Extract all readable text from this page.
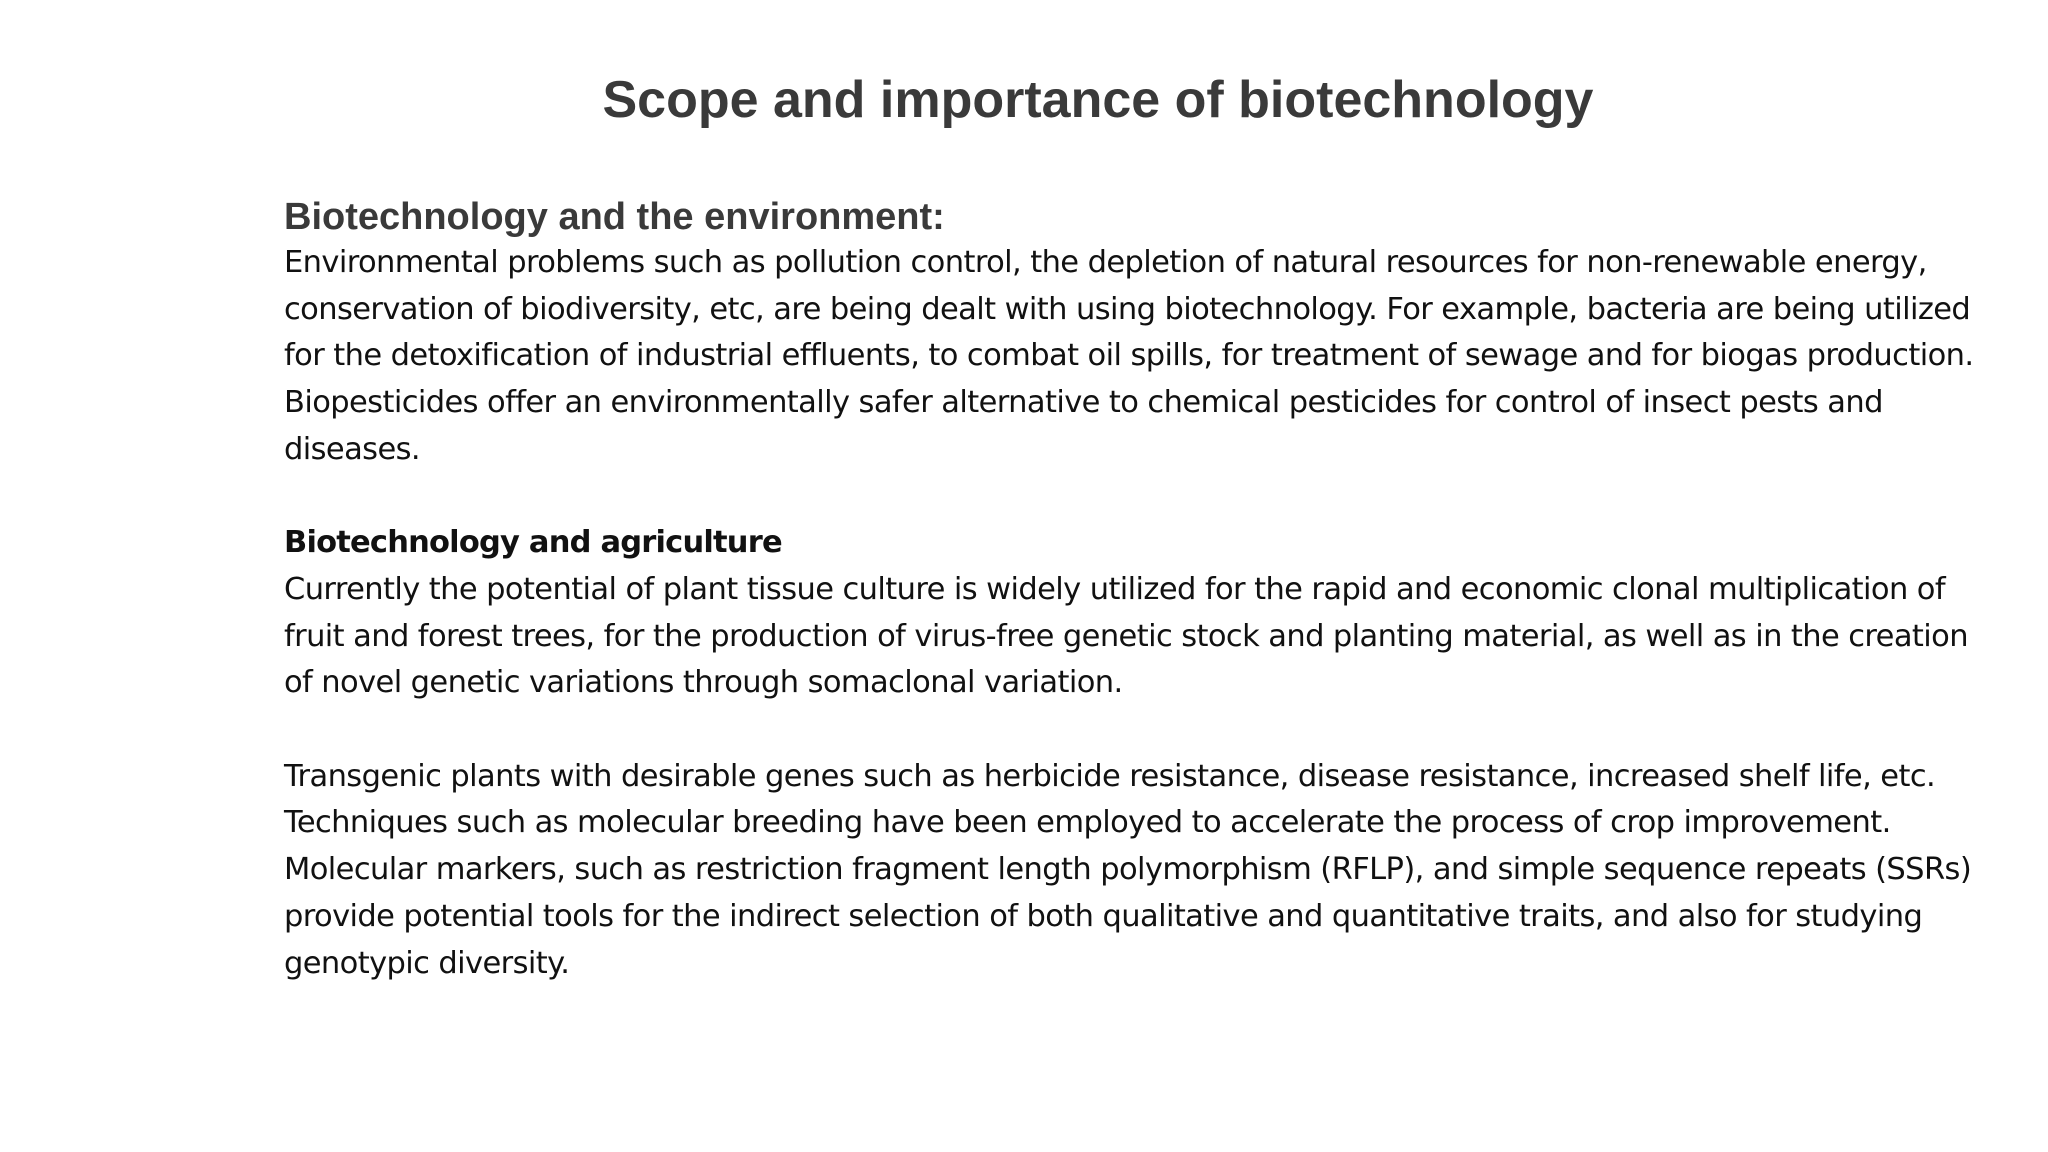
Scope and importance of biotechnology
Biotechnology and the environment:

Environmental problems such as pollution control, the depletion of natural resources for non-renewable energy, conservation of biodiversity, etc, are being dealt with using biotechnology. For example, bacteria are being utilized for the detoxification of industrial effluents, to combat oil spills, for treatment of sewage and for biogas production. Biopesticides offer an environmentally safer alternative to chemical pesticides for control of insect pests and diseases.

Biotechnology and agriculture

Currently the potential of plant tissue culture is widely utilized for the rapid and economic clonal multiplication of fruit and forest trees, for the production of virus-free genetic stock and planting material, as well as in the creation of novel genetic variations through somaclonal variation.

Transgenic plants with desirable genes such as herbicide resistance, disease resistance, increased shelf life, etc.

Techniques such as molecular breeding have been employed to accelerate the process of crop improvement.

Molecular markers, such as restriction fragment length polymorphism (RFLP), and simple sequence repeats (SSRs) provide potential tools for the indirect selection of both qualitative and quantitative traits, and also for studying genotypic diversity.
